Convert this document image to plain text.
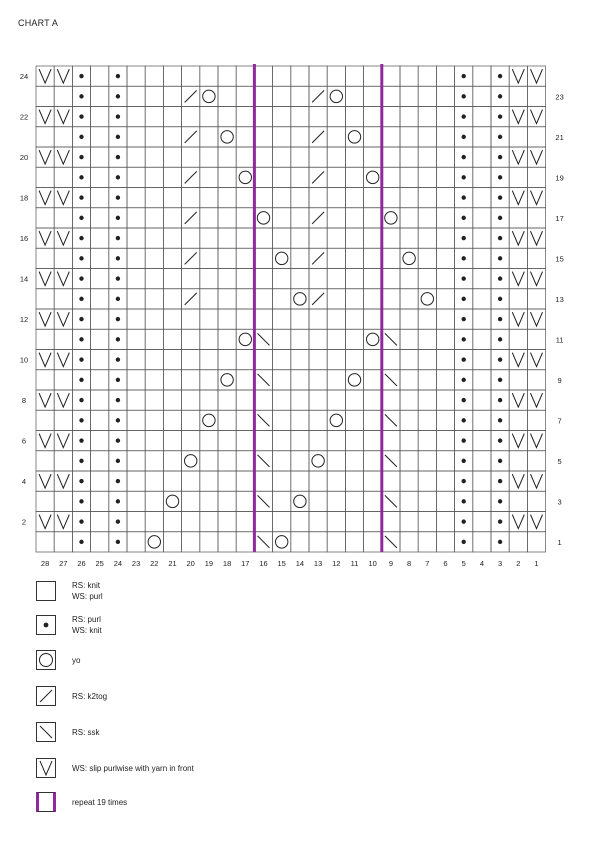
CHART A
28 27 26 25 24 23 22 21 20 19 18 17 16 15 14 13 12 11 10 9 8 7 6 5 4 3 2 1
24
22
20
18
16
14
12
10
8
6
4
2
23
21
19
17
15
13
11
9
7
5
3
1
RS: knit
WS: purl
RS: purl
WS: knit
yo
RS: k2tog
RS: ssk
WS: slip purlwise with yarn in front
repeat 19 times
